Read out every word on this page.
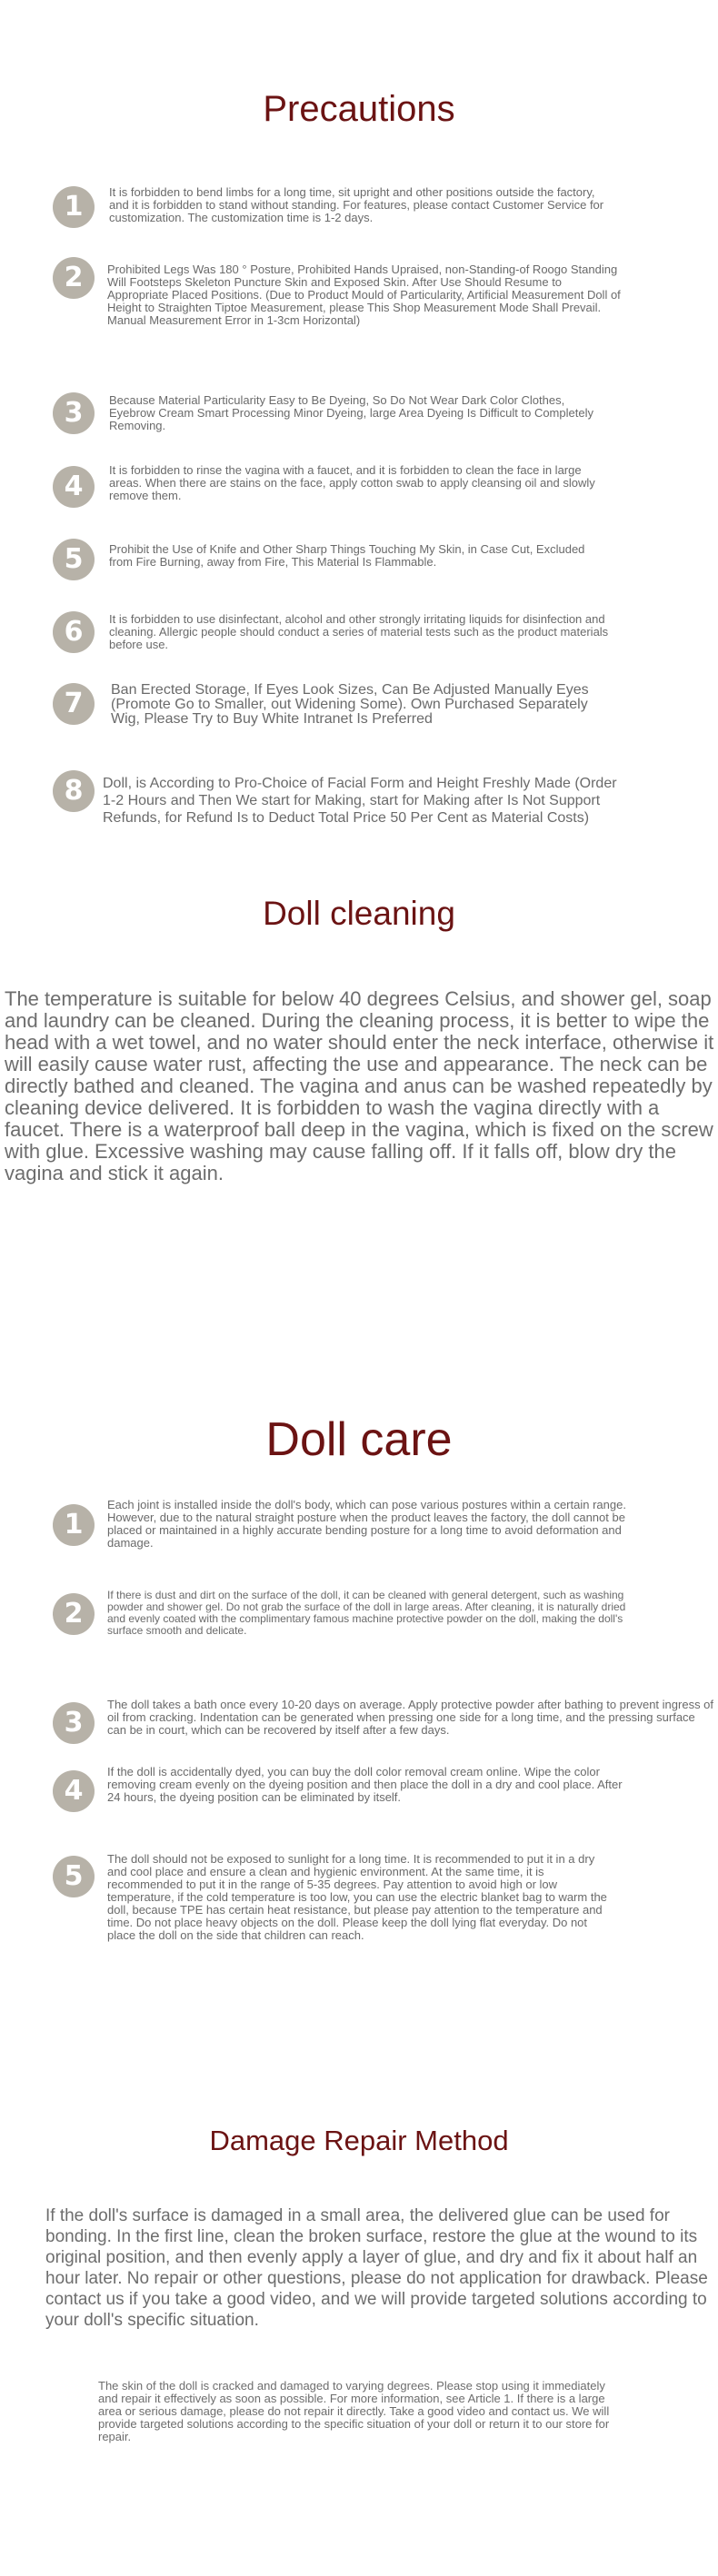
Precautions
1	It is forbidden to bend limbs for a long time, sit upright and other positions outside the factory, and it is forbidden to stand without standing. For features, please contact Customer Service for customization. The customization time is 1-2 days.

2	Prohibited Legs Was 180 ° Posture, Prohibited Hands Upraised, non-Standing-of Roogo Standing Will Footsteps Skeleton Puncture Skin and Exposed Skin. After Use Should Resume to Appropriate Placed Positions. (Due to Product Mould of Particularity, Artificial Measurement Doll of Height to Straighten Tiptoe Measurement, please This Shop Measurement Mode Shall Prevail. Manual Measurement Error in 1-3cm Horizontal)

3	Because Material Particularity Easy to Be Dyeing, So Do Not Wear Dark Color Clothes, Eyebrow Cream Smart Processing Minor Dyeing, large Area Dyeing Is Difficult to Completely Removing.

4

It is forbidden to rinse the vagina with a faucet, and it is forbidden to clean the face in large areas. When there are stains on the face, apply cotton swab to apply cleansing oil and slowly remove them.

5	Prohibit the Use of Knife and Other Sharp Things Touching My Skin, in Case Cut, Excluded from Fire Burning, away from Fire, This Material Is Flammable.

6	It is forbidden to use disinfectant, alcohol and other strongly irritating liquids for disinfection and cleaning. Allergic people should conduct a series of material tests such as the product materials before use.

7	Ban Erected Storage, If Eyes Look Sizes, Can Be Adjusted Manually Eyes (Promote Go to Smaller, out Widening Some). Own Purchased Separately Wig, Please Try to Buy White Intranet Is Preferred

8	Doll, is According to Pro-Choice of Facial Form and Height Freshly Made (Order 1-2 Hours and Then We start for Making, start for Making after Is Not Support Refunds, for Refund Is to Deduct Total Price 50 Per Cent as Material Costs)

Doll cleaning

The temperature is suitable for below 40 degrees Celsius, and shower gel, soap and laundry can be cleaned. During the cleaning process, it is better to wipe the head with a wet towel, and no water should enter the neck interface, otherwise it will easily cause water rust, affecting the use and appearance. The neck can be directly bathed and cleaned. The vagina and anus can be washed repeatedly by cleaning device delivered. It is forbidden to wash the vagina directly with a faucet. There is a waterproof ball deep in the vagina, which is fixed on the screw with glue. Excessive washing may cause falling off. If it falls off, blow dry the vagina and stick it again.

Doll care
1

Each joint is installed inside the doll's body, which can pose various postures within a certain range. However, due to the natural straight posture when the product leaves the factory, the doll cannot be placed or maintained in a highly accurate bending posture for a long time to avoid deformation and damage.

2

If there is dust and dirt on the surface of the doll, it can be cleaned with general detergent, such as washing powder and shower gel. Do not grab the surface of the doll in large areas. After cleaning, it is naturally dried and evenly coated with the complimentary famous machine protective powder on the doll, making the doll's surface smooth and delicate.

3

The doll takes a bath once every 10-20 days on average. Apply protective powder after bathing to prevent ingress of oil from cracking. Indentation can be generated when pressing one side for a long time, and the pressing surface can be in court, which can be recovered by itself after a few days.

4

If the doll is accidentally dyed, you can buy the doll color removal cream online. Wipe the color removing cream evenly on the dyeing position and then place the doll in a dry and cool place. After 24 hours, the dyeing position can be eliminated by itself.

5

The doll should not be exposed to sunlight for a long time. It is recommended to put it in a dry and cool place and ensure a clean and hygienic environment. At the same time, it is recommended to put it in the range of 5-35 degrees. Pay attention to avoid high or low temperature, if the cold temperature is too low, you can use the electric blanket bag to warm the doll, because TPE has certain heat resistance, but please pay attention to the temperature and time. Do not place heavy objects on the doll. Please keep the doll lying flat everyday. Do not place the doll on the side that children can reach.

Damage Repair Method

If the doll's surface is damaged in a small area, the delivered glue can be used for bonding. In the first line, clean the broken surface, restore the glue at the wound to its original position, and then evenly apply a layer of glue, and dry and fix it about half an hour later. No repair or other questions, please do not application for drawback. Please contact us if you take a good video, and we will provide targeted solutions according to your doll's specific situation.

The skin of the doll is cracked and damaged to varying degrees. Please stop using it immediately and repair it effectively as soon as possible. For more information, see Article 1. If there is a large area or serious damage, please do not repair it directly. Take a good video and contact us. We will provide targeted solutions according to the specific situation of your doll or return it to our store for repair.
